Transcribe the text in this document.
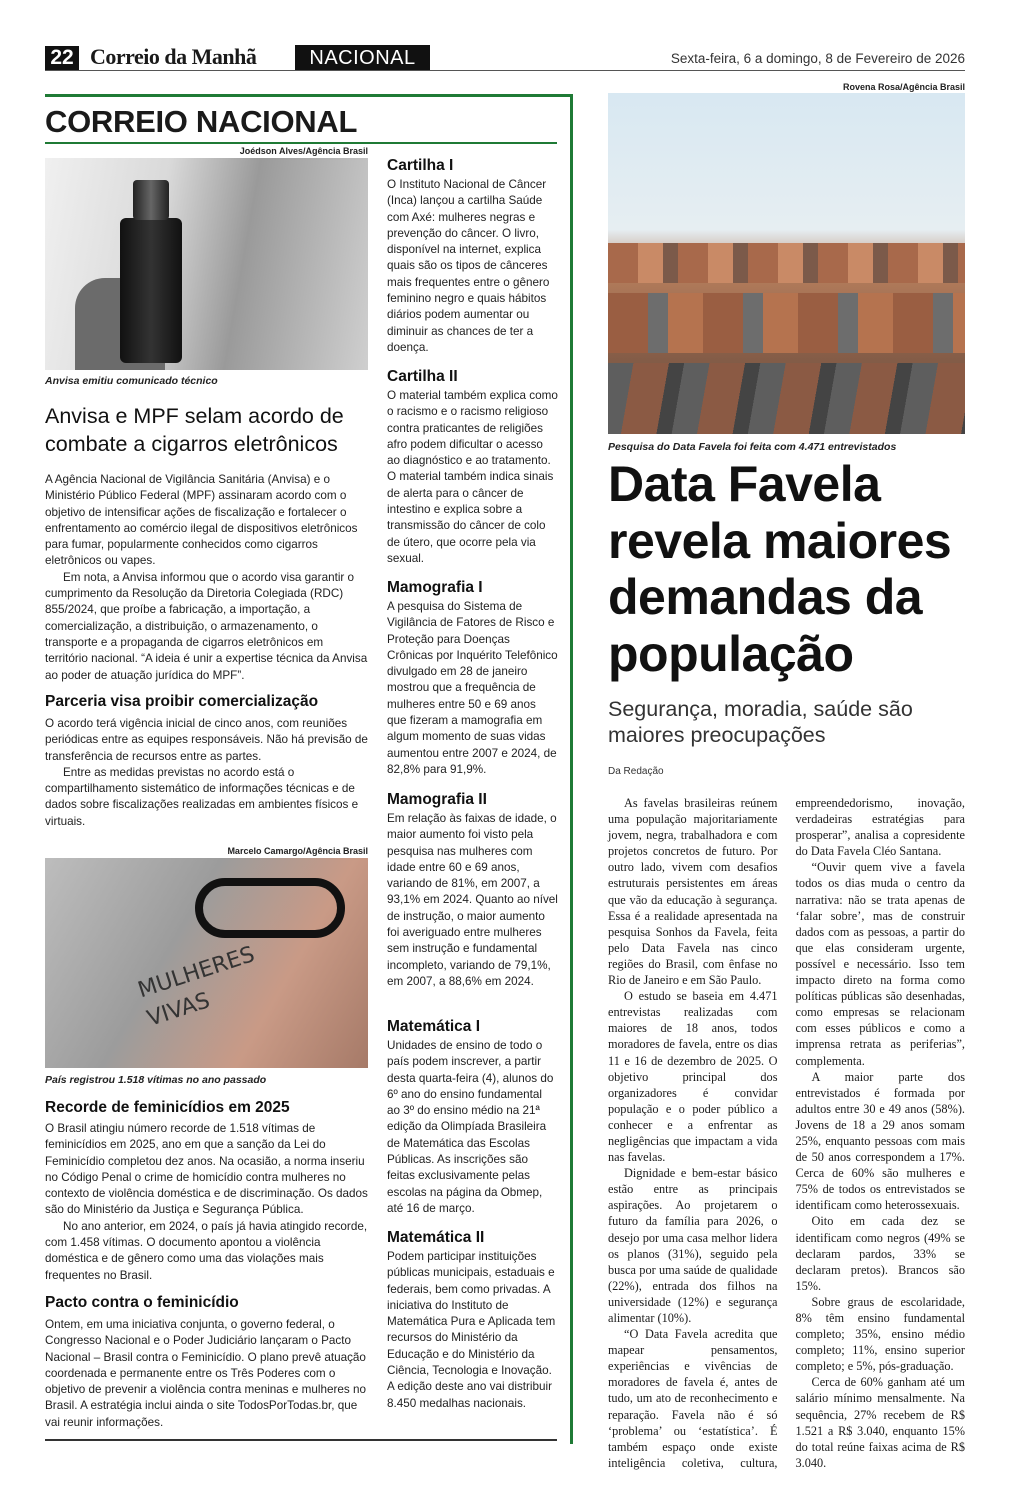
22 Correio da Manhã	NACIONAL	Sexta-feira, 6 a domingo, 8 de Fevereiro de 2026
CORREIO NACIONAL
Joédson Alves/Agência Brasil
Anvisa emitiu comunicado técnico
Anvisa e MPF selam acordo de combate a cigarros eletrônicos

A Agência Nacional de Vigilância Sanitária (Anvisa) e o Ministério Público Federal (MPF) assinaram acordo com o objetivo de intensificar ações de fiscalização e fortalecer o enfrentamento ao comércio ilegal de dispositivos eletrônicos para fumar, popularmente conhecidos como cigarros eletrônicos ou vapes.

Em nota, a Anvisa informou que o acordo visa garantir o cumprimento da Resolução da Diretoria Colegiada (RDC) 855/2024, que proíbe a fabricação, a importação, a comercialização, a distribuição, o armazenamento, o transporte e a propaganda de cigarros eletrônicos em território nacional. “A ideia é unir a expertise técnica da Anvisa ao poder de atuação jurídica do MPF”.

Parceria visa proibir comercialização

O acordo terá vigência inicial de cinco anos, com reuniões periódicas entre as equipes responsáveis. Não há previsão de transferência de recursos entre as partes.

Entre as medidas previstas no acordo está o compartilhamento sistemático de informações técnicas e de dados sobre fiscalizações realizadas em ambientes físicos e virtuais.

Marcelo Camargo/Agência Brasil
MULHERES VIVAS
País registrou 1.518 vítimas no ano passado
Recorde de feminicídios em 2025

O Brasil atingiu número recorde de 1.518 vítimas de feminicídios em 2025, ano em que a sanção da Lei do Feminicídio completou dez anos. Na ocasião, a norma inseriu no Código Penal o crime de homicídio contra mulheres no contexto de violência doméstica e de discriminação. Os dados são do Ministério da Justiça e Segurança Pública.

No ano anterior, em 2024, o país já havia atingido recorde, com 1.458 vítimas. O documento apontou a violência doméstica e de gênero como uma das violações mais frequentes no Brasil.

Pacto contra o feminicídio

Ontem, em uma iniciativa conjunta, o governo federal, o Congresso Nacional e o Poder Judiciário lançaram o Pacto Nacional – Brasil contra o Feminicídio. O plano prevê atuação coordenada e permanente entre os Três Poderes com o objetivo de prevenir a violência contra meninas e mulheres no Brasil. A estratégia inclui ainda o site TodosPorTodas.br, que vai reunir informações.

Cartilha I
O Instituto Nacional de Câncer (Inca) lançou a cartilha Saúde com Axé: mulheres negras e prevenção do câncer. O livro, disponível na internet, explica quais são os tipos de cânceres mais frequentes entre o gênero feminino negro e quais hábitos diários podem aumentar ou diminuir as chances de ter a doença.
Cartilha II
O material também explica como o racismo e o racismo religioso contra praticantes de religiões afro podem dificultar o acesso ao diagnóstico e ao tratamento. O material também indica sinais de alerta para o câncer de intestino e explica sobre a transmissão do câncer de colo de útero, que ocorre pela via sexual.
Mamografia I
A pesquisa do Sistema de Vigilância de Fatores de Risco e Proteção para Doenças Crônicas por Inquérito Telefônico divulgado em 28 de janeiro mostrou que a frequência de mulheres entre 50 e 69 anos que fizeram a mamografia em algum momento de suas vidas aumentou entre 2007 e 2024, de 82,8% para 91,9%.
Mamografia II
Em relação às faixas de idade, o maior aumento foi visto pela pesquisa nas mulheres com idade entre 60 e 69 anos, variando de 81%, em 2007, a 93,1% em 2024. Quanto ao nível de instrução, o maior aumento foi averiguado entre mulheres sem instrução e fundamental incompleto, variando de 79,1%, em 2007, a 88,6% em 2024.
Matemática I
Unidades de ensino de todo o país podem inscrever, a partir desta quarta-feira (4), alunos do 6º ano do ensino fundamental ao 3º do ensino médio na 21ª edição da Olimpíada Brasileira de Matemática das Escolas Públicas. As inscrições são feitas exclusivamente pelas escolas na página da Obmep, até 16 de março.
Matemática II
Podem participar instituições públicas municipais, estaduais e federais, bem como privadas. A iniciativa do Instituto de Matemática Pura e Aplicada tem recursos do Ministério da Educação e do Ministério da Ciência, Tecnologia e Inovação. A edição deste ano vai distribuir 8.450 medalhas nacionais.
Rovena Rosa/Agência Brasil
Pesquisa do Data Favela foi feita com 4.471 entrevistados
Data Favela revela maiores demandas da população
Segurança, moradia, saúde são maiores preocupações
Da Redação

As favelas brasileiras reúnem uma população majoritariamente jovem, negra, trabalhadora e com projetos concretos de futuro. Por outro lado, vivem com desafios estruturais persistentes em áreas que vão da educação à segurança. Essa é a realidade apresentada na pesquisa Sonhos da Favela, feita pelo Data Favela nas cinco regiões do Brasil, com ênfase no Rio de Janeiro e em São Paulo.

O estudo se baseia em 4.471 entrevistas realizadas com maiores de 18 anos, todos moradores de favela, entre os dias 11 e 16 de dezembro de 2025. O objetivo principal dos organizadores é convidar população e o poder público a conhecer e a enfrentar as negligências que impactam a vida nas favelas.

Dignidade e bem-estar básico estão entre as principais aspirações. Ao projetarem o futuro da família para 2026, o desejo por uma casa melhor lidera os planos (31%), seguido pela busca por uma saúde de qualidade (22%), entrada dos filhos na universidade (12%) e segurança alimentar (10%).

“O Data Favela acredita que mapear pensamentos, experiências e vivências de moradores de favela é, antes de tudo, um ato de reconhecimento e reparação. Favela não é só ‘problema’ ou ‘estatística’. É também espaço onde existe inteligência coletiva, cultura, empreendedorismo, inovação, verdadeiras estratégias para prosperar”, analisa a copresidente do Data Favela Cléo Santana.

“Ouvir quem vive a favela todos os dias muda o centro da narrativa: não se trata apenas de ‘falar sobre’, mas de construir dados com as pessoas, a partir do que elas consideram urgente, possível e necessário. Isso tem impacto direto na forma como políticas públicas são desenhadas, como empresas se relacionam com esses públicos e como a imprensa retrata as periferias”, complementa.

A maior parte dos entrevistados é formada por adultos entre 30 e 49 anos (58%). Jovens de 18 a 29 anos somam 25%, enquanto pessoas com mais de 50 anos correspondem a 17%. Cerca de 60% são mulheres e 75% de todos os entrevistados se identificam como heterossexuais.

Oito em cada dez se identificam como negros (49% se declaram pardos, 33% se declaram pretos). Brancos são 15%.

Sobre graus de escolaridade, 8% têm ensino fundamental completo; 35%, ensino médio completo; 11%, ensino superior completo; e 5%, pós-graduação.

Cerca de 60% ganham até um salário mínimo mensalmente. Na sequência, 27% recebem de R$ 1.521 a R$ 3.040, enquanto 15% do total reúne faixas acima de R$ 3.040.
